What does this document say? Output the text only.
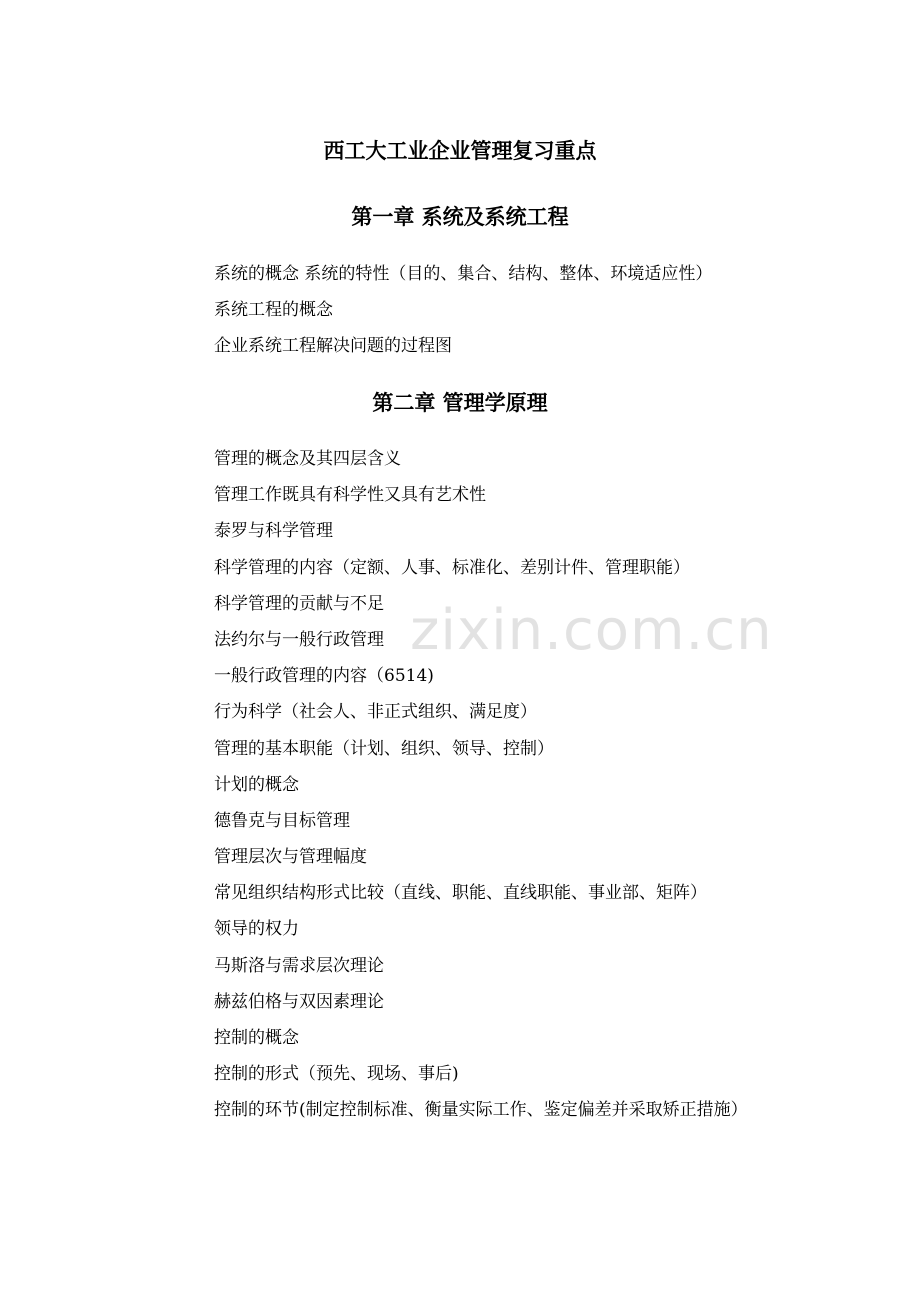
西工大工业企业管理复习重点
第一章 系统及系统工程
系统的概念 系统的特性（目的、集合、结构、整体、环境适应性）
系统工程的概念
企业系统工程解决问题的过程图
第二章 管理学原理
管理的概念及其四层含义
管理工作既具有科学性又具有艺术性
泰罗与科学管理
科学管理的内容（定额、人事、标准化、差别计件、管理职能）
科学管理的贡献与不足
法约尔与一般行政管理
一般行政管理的内容（6514)
行为科学（社会人、非正式组织、满足度）
管理的基本职能（计划、组织、领导、控制）
计划的概念
德鲁克与目标管理
管理层次与管理幅度
常见组织结构形式比较（直线、职能、直线职能、事业部、矩阵）
领导的权力
马斯洛与需求层次理论
赫兹伯格与双因素理论
控制的概念
控制的形式（预先、现场、事后)
控制的环节(制定控制标准、衡量实际工作、鉴定偏差并采取矫正措施）
zixin.com.cn
